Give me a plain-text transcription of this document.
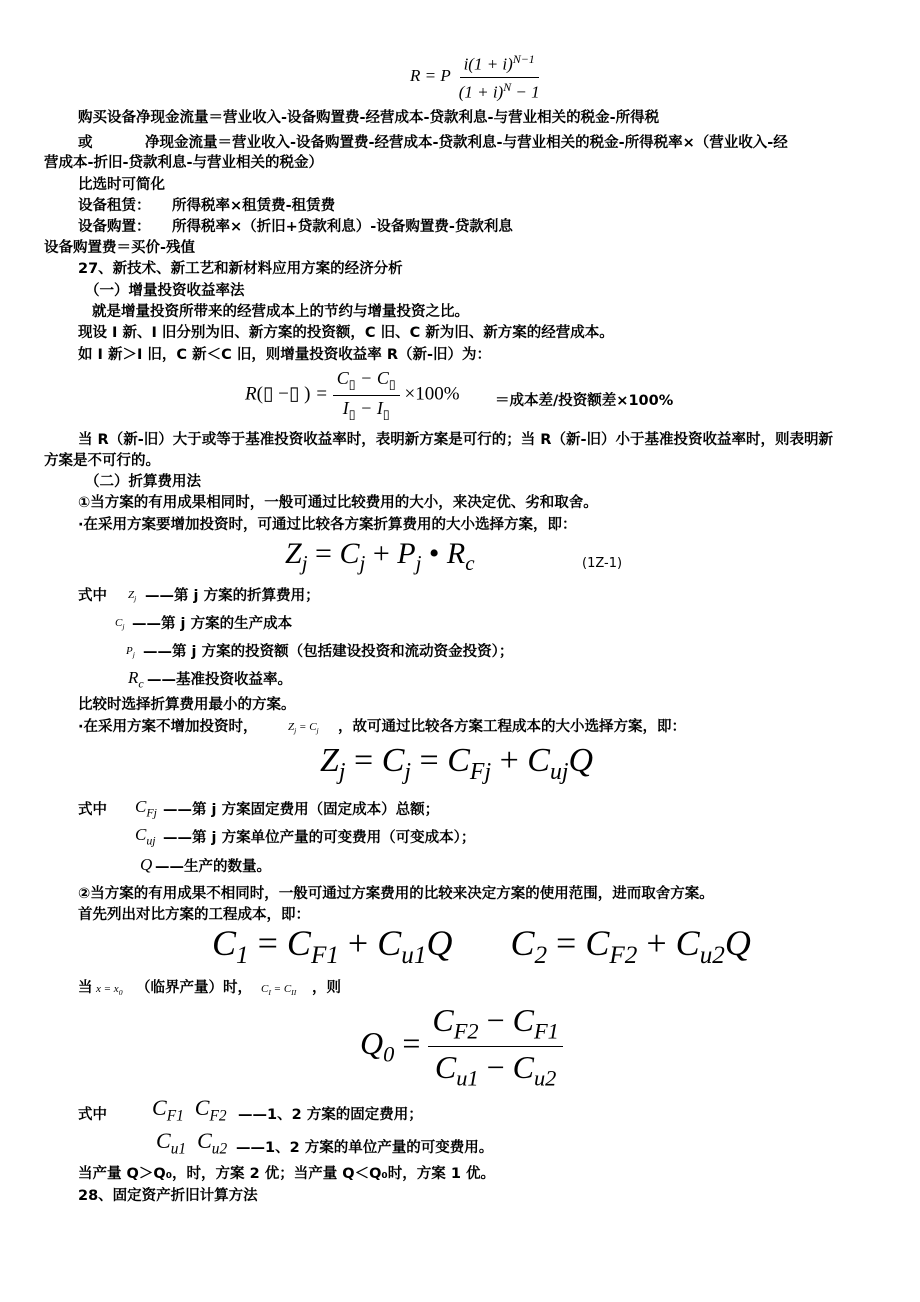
R = P $\frac{i(1 + i)^{N-1}}{(1 + i)^N - 1}$
购买设备净现金流量＝营业收入-设备购置费-经营成本-贷款利息-与营业相关的税金-所得税
或	净现金流量＝营业收入-设备购置费-经营成本-贷款利息-与营业相关的税金-所得税率×（营业收入-经
营成本-折旧-贷款利息-与营业相关的税金）
比选时可简化
设备租赁： 所得税率×租赁费-租赁费
设备购置： 所得税率×（折旧+贷款利息）-设备购置费-贷款利息
设备购置费＝买价-残值
27、新技术、新工艺和新材料应用方案的经济分析
（一）增量投资收益率法
就是增量投资所带来的经营成本上的节约与增量投资之比。
现设 I 新、I 旧分别为旧、新方案的投资额，C 旧、C 新为旧、新方案的经营成本。
如 I 新＞I 旧，C 新＜C 旧，则增量投资收益率 R（新-旧）为：
R(▯ −▯ ) = $\frac{C_▯ - C_▯}{I_▯ - I_▯} \times 100\%$ ＝成本差/投资额差×100%
当 R（新-旧）大于或等于基准投资收益率时，表明新方案是可行的；当 R（新-旧）小于基准投资收益率时，则表明新
方案是不可行的。
（二）折算费用法
①当方案的有用成果相同时，一般可通过比较费用的大小，来决定优、劣和取舍。
·在采用方案要增加投资时，可通过比较各方案折算费用的大小选择方案，即：
$Z_j = C_j + P_j$ • $R_c$	(1Z-1)
式中 $Z_j$ ——第 j 方案的折算费用；
$C_j$ ——第 j 方案的生产成本
$P_j$ ——第 j 方案的投资额（包括建设投资和流动资金投资）；
$R_c$ ——基准投资收益率。
比较时选择折算费用最小的方案。
·在采用方案不增加投资时，	$Z_j = C_j$ ，故可通过比较各方案工程成本的大小选择方案，即：
$Z_j = C_j = C_{Fj} + C_{uj}Q$
式中 $C_{Fj}$ ——第 j 方案固定费用（固定成本）总额；
$C_{uj}$ ——第 j 方案单位产量的可变费用（可变成本）；
Q ——生产的数量。
②当方案的有用成果不相同时，一般可通过方案费用的比较来决定方案的使用范围，进而取舍方案。
首先列出对比方案的工程成本，即：
$C_1 = C_{F1} + C_{u1}Q$  $C_2 = C_{F2} + C_{u2}Q$
当 $x = x_0$ （临界产量）时， $C_I = C_{II}$ ，则
$Q_0 = \frac{C_{F2} - C_{F1}}{C_{u1} - C_{u2}}$
式中 $C_{F1}$  $C_{F2}$ ——1、2 方案的固定费用；
$C_{u1}$  $C_{u2}$ ——1、2 方案的单位产量的可变费用。
当产量 Q＞Q₀，时，方案 2 优；当产量 Q＜Q₀时，方案 1 优。
28、固定资产折旧计算方法
